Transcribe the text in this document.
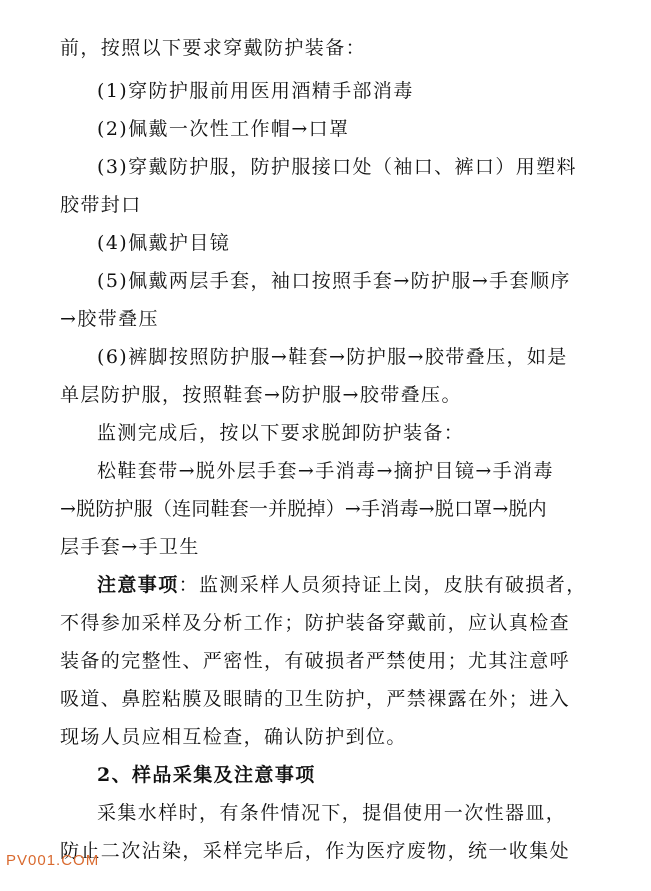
前，按照以下要求穿戴防护装备：
(1)穿防护服前用医用酒精手部消毒
(2)佩戴一次性工作帽→口罩
(3)穿戴防护服，防护服接口处（袖口、裤口）用塑料
胶带封口
(4)佩戴护目镜
(5)佩戴两层手套，袖口按照手套→防护服→手套顺序
→胶带叠压
(6)裤脚按照防护服→鞋套→防护服→胶带叠压，如是
单层防护服，按照鞋套→防护服→胶带叠压。
监测完成后，按以下要求脱卸防护装备：
松鞋套带→脱外层手套→手消毒→摘护目镜→手消毒
→脱防护服（连同鞋套一并脱掉）→手消毒→脱口罩→脱内
层手套→手卫生
注意事项：监测采样人员须持证上岗，皮肤有破损者，
不得参加采样及分析工作；防护装备穿戴前，应认真检查
装备的完整性、严密性，有破损者严禁使用；尤其注意呼
吸道、鼻腔粘膜及眼睛的卫生防护，严禁裸露在外；进入
现场人员应相互检查，确认防护到位。
2、样品采集及注意事项
采集水样时，有条件情况下，提倡使用一次性器皿，
防止二次沾染，采样完毕后，作为医疗废物，统一收集处
PV001.COM
